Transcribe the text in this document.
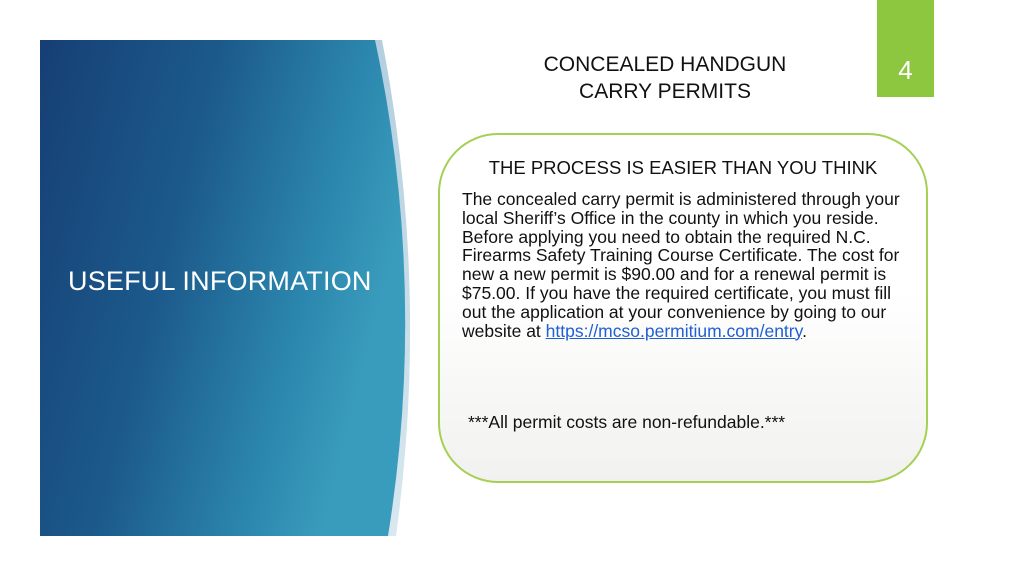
USEFUL INFORMATION
CONCEALED HANDGUN
CARRY PERMITS
4
THE PROCESS IS EASIER THAN YOU THINK
The concealed carry permit is administered through your local Sheriff’s Office in the county in which you reside. Before applying you need to obtain the required N.C. Firearms Safety Training Course Certificate. The cost for new a new permit is $90.00 and for a renewal permit is $75.00. If you have the required certificate, you must fill out the application at your convenience by going to our website at https://mcso.permitium.com/entry.
***All permit costs are non-refundable.***
